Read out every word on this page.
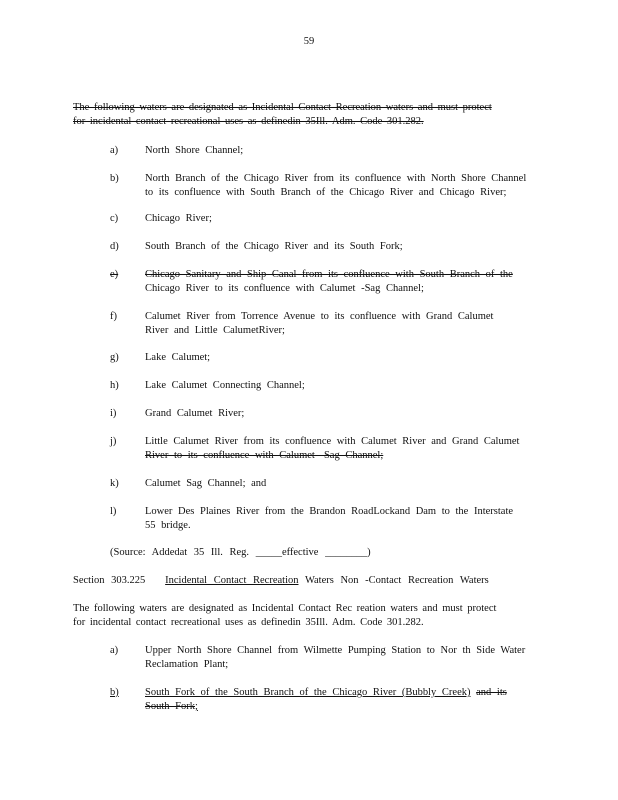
59
The following waters are designated as Incidental Contact Recreation waters and must protect
for incidental contact recreational uses as definedin 35Ill. Adm. Code 301.282.
a)	North Shore Channel;
b)	North Branch of the Chicago River from its confluence with North Shore Channel
to its confluence with South Branch of the Chicago River and Chicago River;
c)	Chicago River;
d)	South Branch of the Chicago River and its South Fork;
e)	Chicago Sanitary and Ship Canal from its confluence with South Branch of the
Chicago River to its confluence with Calumet -Sag Channel;
f)	Calumet River from Torrence Avenue to its confluence with Grand Calumet
River and Little CalumetRiver;
g)	Lake Calumet;
h)	Lake Calumet Connecting Channel;
i)	Grand Calumet River;
j)	Little Calumet River from its confluence with Calumet River and Grand Calumet
River to its confluence with Calumet -Sag Channel;
k)	Calumet Sag Channel; and
l)	Lower Des Plaines River from the Brandon RoadLockand Dam to the Interstate
55 bridge.
(Source: Addedat 35 Ill. Reg. _____effective ________)
Section 303.225 Incidental Contact Recreation Waters Non -Contact Recreation Waters
The following waters are designated as Incidental Contact Rec reation waters and must protect
for incidental contact recreational uses as definedin 35Ill. Adm. Code 301.282.
a)	Upper North Shore Channel from Wilmette Pumping Station to Nor th Side Water
Reclamation Plant;
b)	South Fork of the South Branch of the Chicago River (Bubbly Creek) and its
South Fork;
